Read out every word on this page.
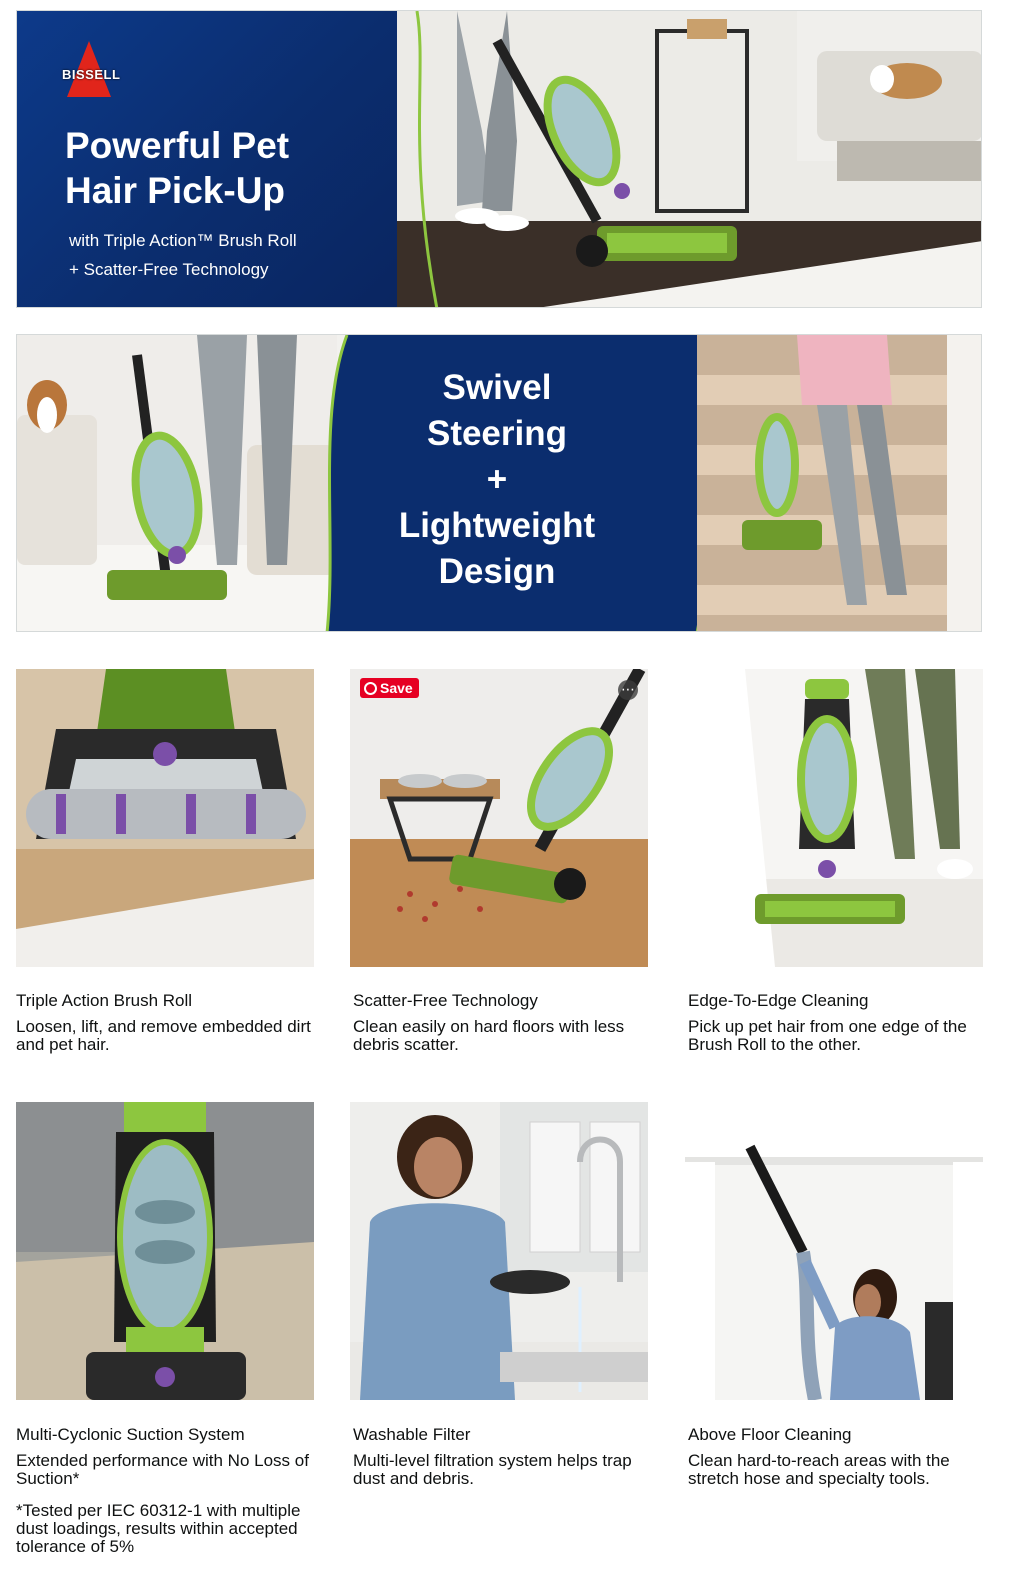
BISSELL
Powerful Pet
Hair Pick-Up
with Triple Action™ Brush Roll
+ Scatter-Free Technology
Swivel
Steering
+
Lightweight
Design
Save	⋯
Triple Action Brush Roll
Loosen, lift, and remove embedded dirt and pet hair.
Scatter-Free Technology
Clean easily on hard floors with less debris scatter.
Edge-To-Edge Cleaning
Pick up pet hair from one edge of the Brush Roll to the other.
Multi-Cyclonic Suction System
Extended performance with No Loss of Suction*
Washable Filter
Multi-level filtration system helps trap dust and debris.
Above Floor Cleaning
Clean hard-to-reach areas with the stretch hose and specialty tools.
*Tested per IEC 60312-1 with multiple dust loadings, results within accepted tolerance of 5%
